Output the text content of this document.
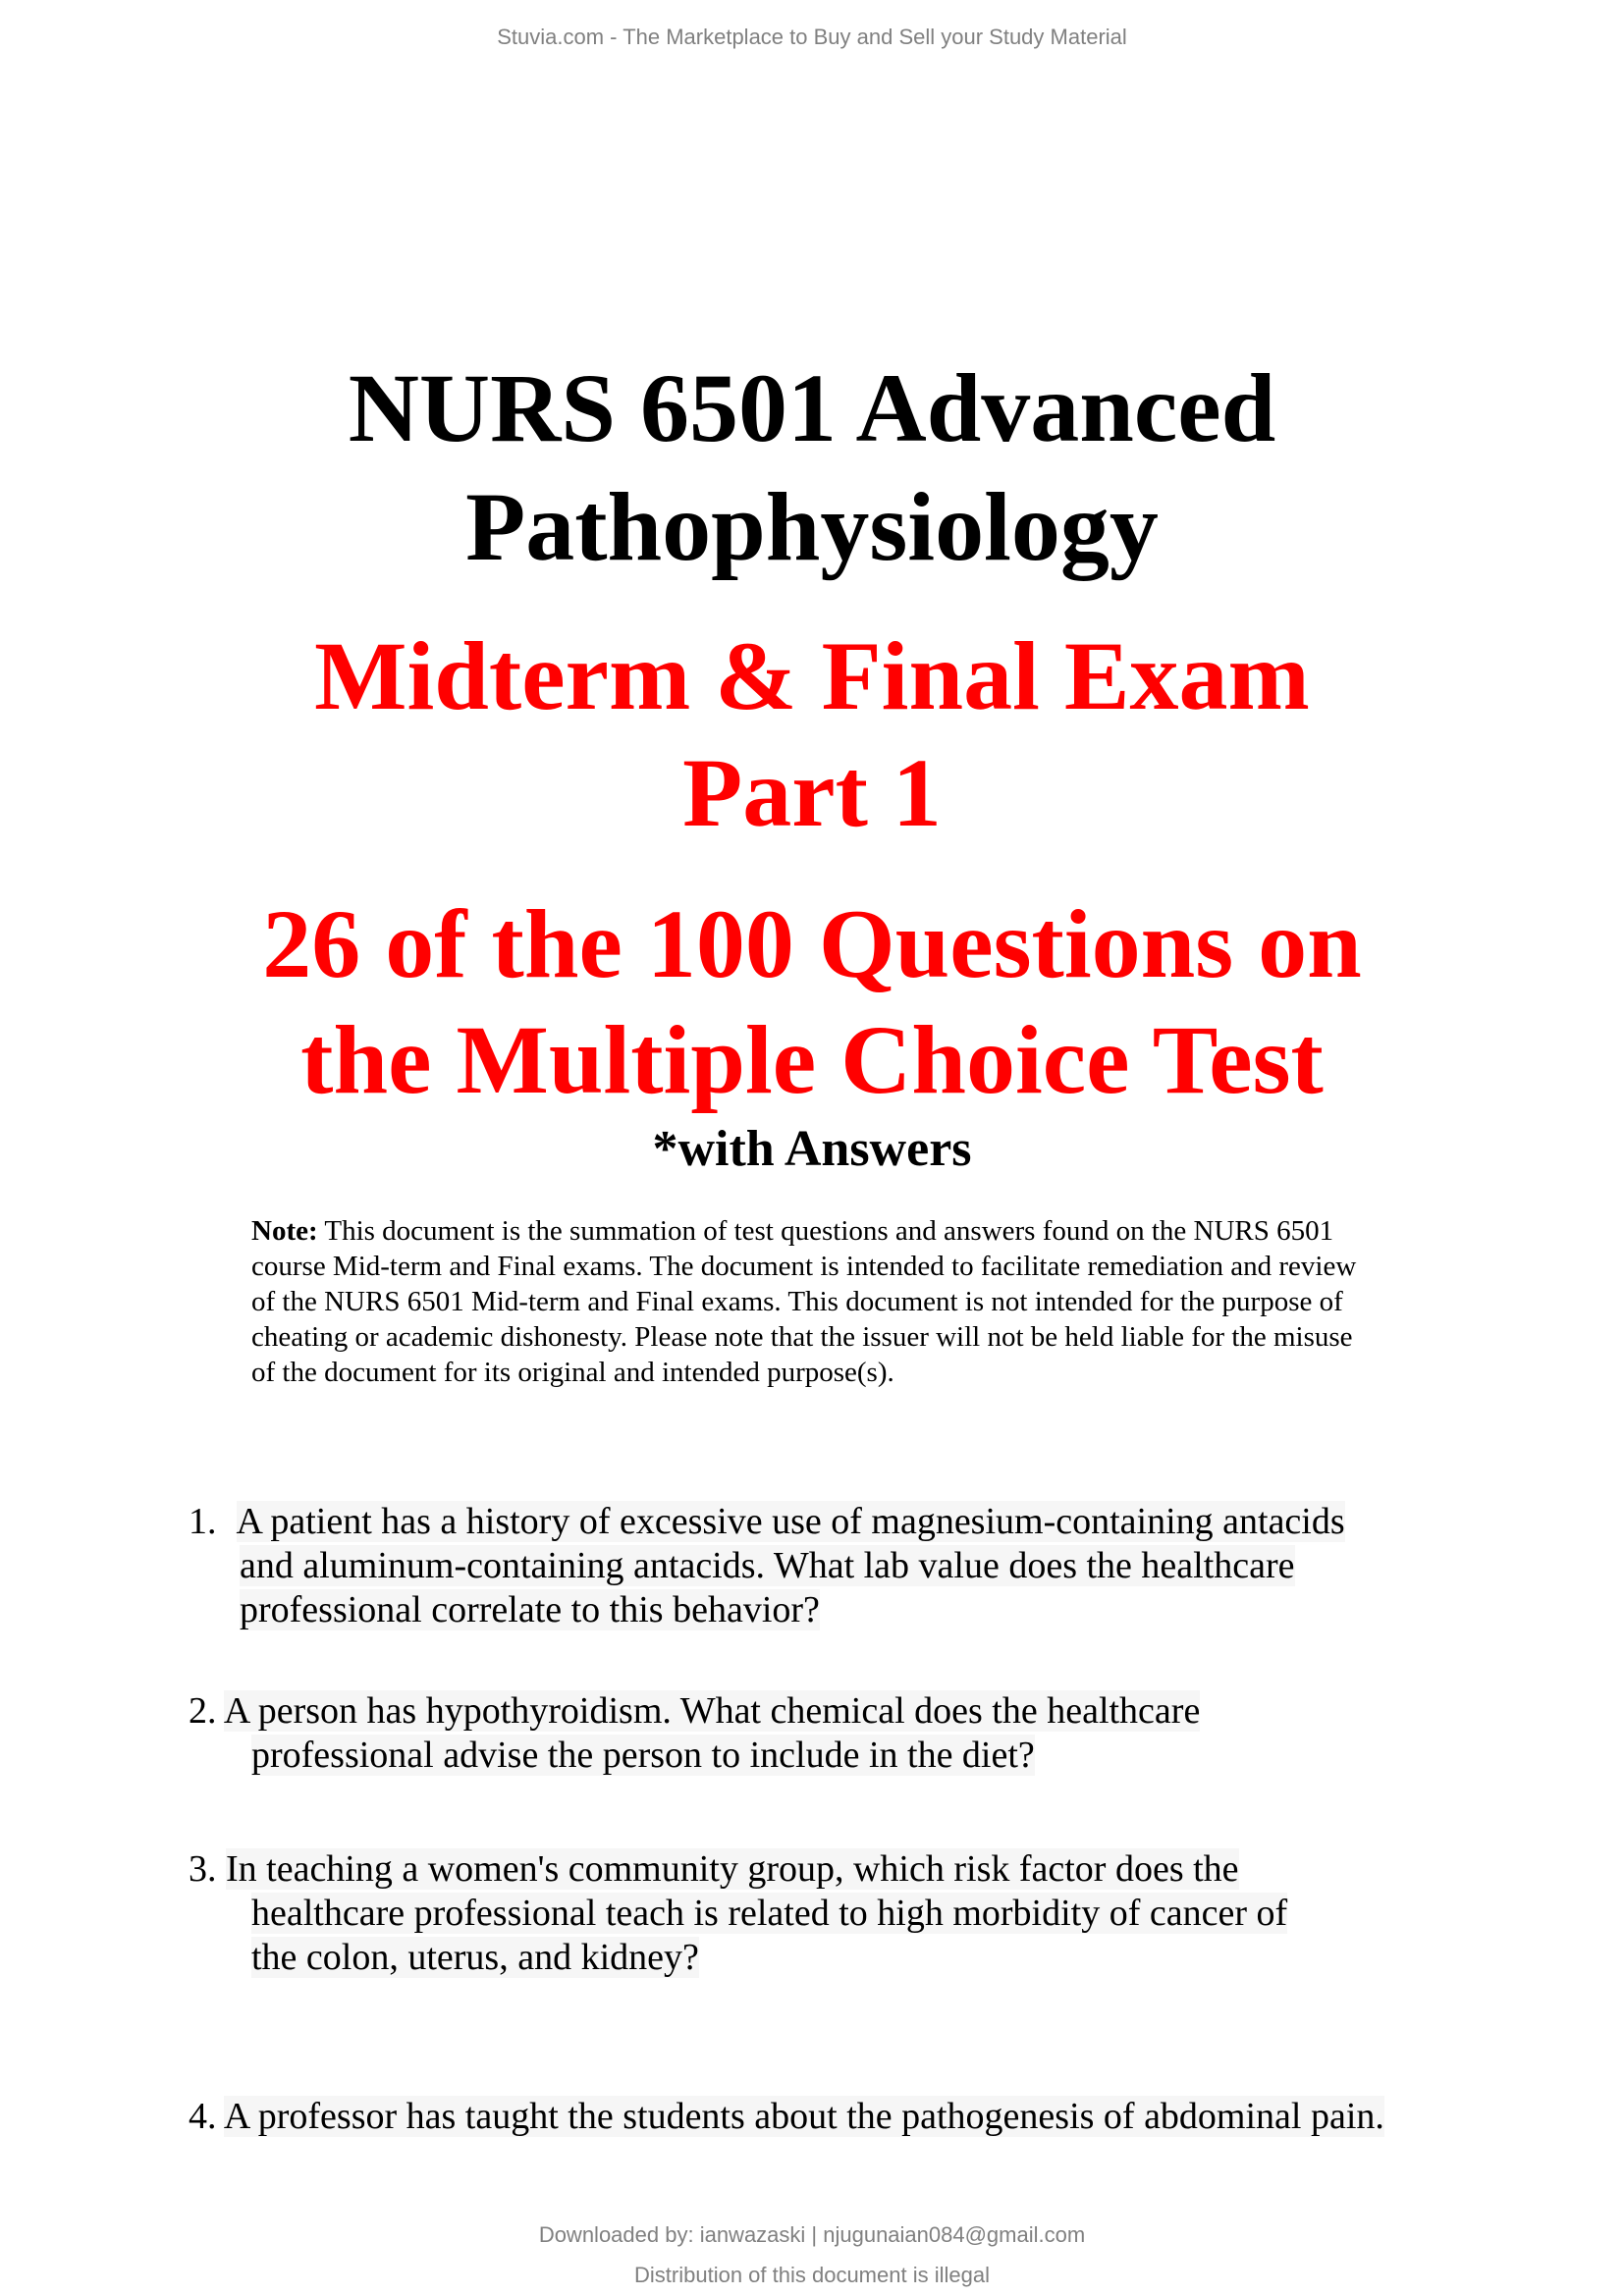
Stuvia.com - The Marketplace to Buy and Sell your Study Material
NURS 6501 Advanced
Pathophysiology
Midterm & Final Exam
Part 1
26 of the 100 Questions on
the Multiple Choice Test
*with Answers
Note: This document is the summation of test questions and answers found on the NURS 6501
course Mid-term and Final exams. The document is intended to facilitate remediation and review
of the NURS 6501 Mid-term and Final exams. This document is not intended for the purpose of
cheating or academic dishonesty. Please note that the issuer will not be held liable for the misuse
of the document for its original and intended purpose(s).
1. A patient has a history of excessive use of magnesium-containing antacids
and aluminum-containing antacids. What lab value does the healthcare
professional correlate to this behavior?
2. A person has hypothyroidism. What chemical does the healthcare
professional advise the person to include in the diet?
3. In teaching a women's community group, which risk factor does the
healthcare professional teach is related to high morbidity of cancer of
the colon, uterus, and kidney?
4. A professor has taught the students about the pathogenesis of abdominal pain.
Downloaded by: ianwazaski | njugunaian084@gmail.com
Distribution of this document is illegal
